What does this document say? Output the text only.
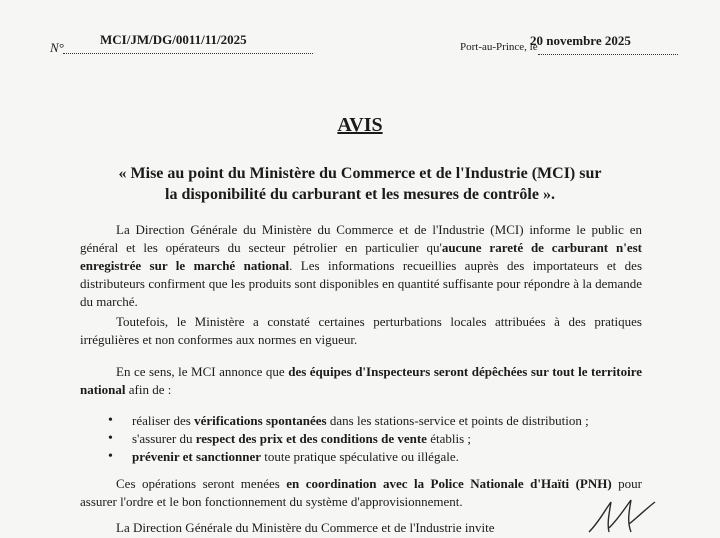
N°
MCI/JM/DG/0011/11/2025	Port-au-Prince, le
20 novembre 2025
AVIS
« Mise au point du Ministère du Commerce et de l'Industrie (MCI) sur
la disponibilité du carburant et les mesures de contrôle ».

La Direction Générale du Ministère du Commerce et de l'Industrie (MCI) informe le public en général et les opérateurs du secteur pétrolier en particulier qu'aucune rareté de carburant n'est enregistrée sur le marché national. Les informations recueillies auprès des importateurs et des distributeurs confirment que les produits sont disponibles en quantité suffisante pour répondre à la demande du marché.

Toutefois, le Ministère a constaté certaines perturbations locales attribuées à des pratiques irrégulières et non conformes aux normes en vigueur.

En ce sens, le MCI annonce que des équipes d'Inspecteurs seront dépêchées sur tout le territoire national afin de :

• réaliser des vérifications spontanées dans les stations-service et points de distribution ;
• s'assurer du respect des prix et des conditions de vente établis ;
• prévenir et sanctionner toute pratique spéculative ou illégale.

Ces opérations seront menées en coordination avec la Police Nationale d'Haïti (PNH) pour assurer l'ordre et le bon fonctionnement du système d'approvisionnement.

La Direction Générale du Ministère du Commerce et de l'Industrie invite
